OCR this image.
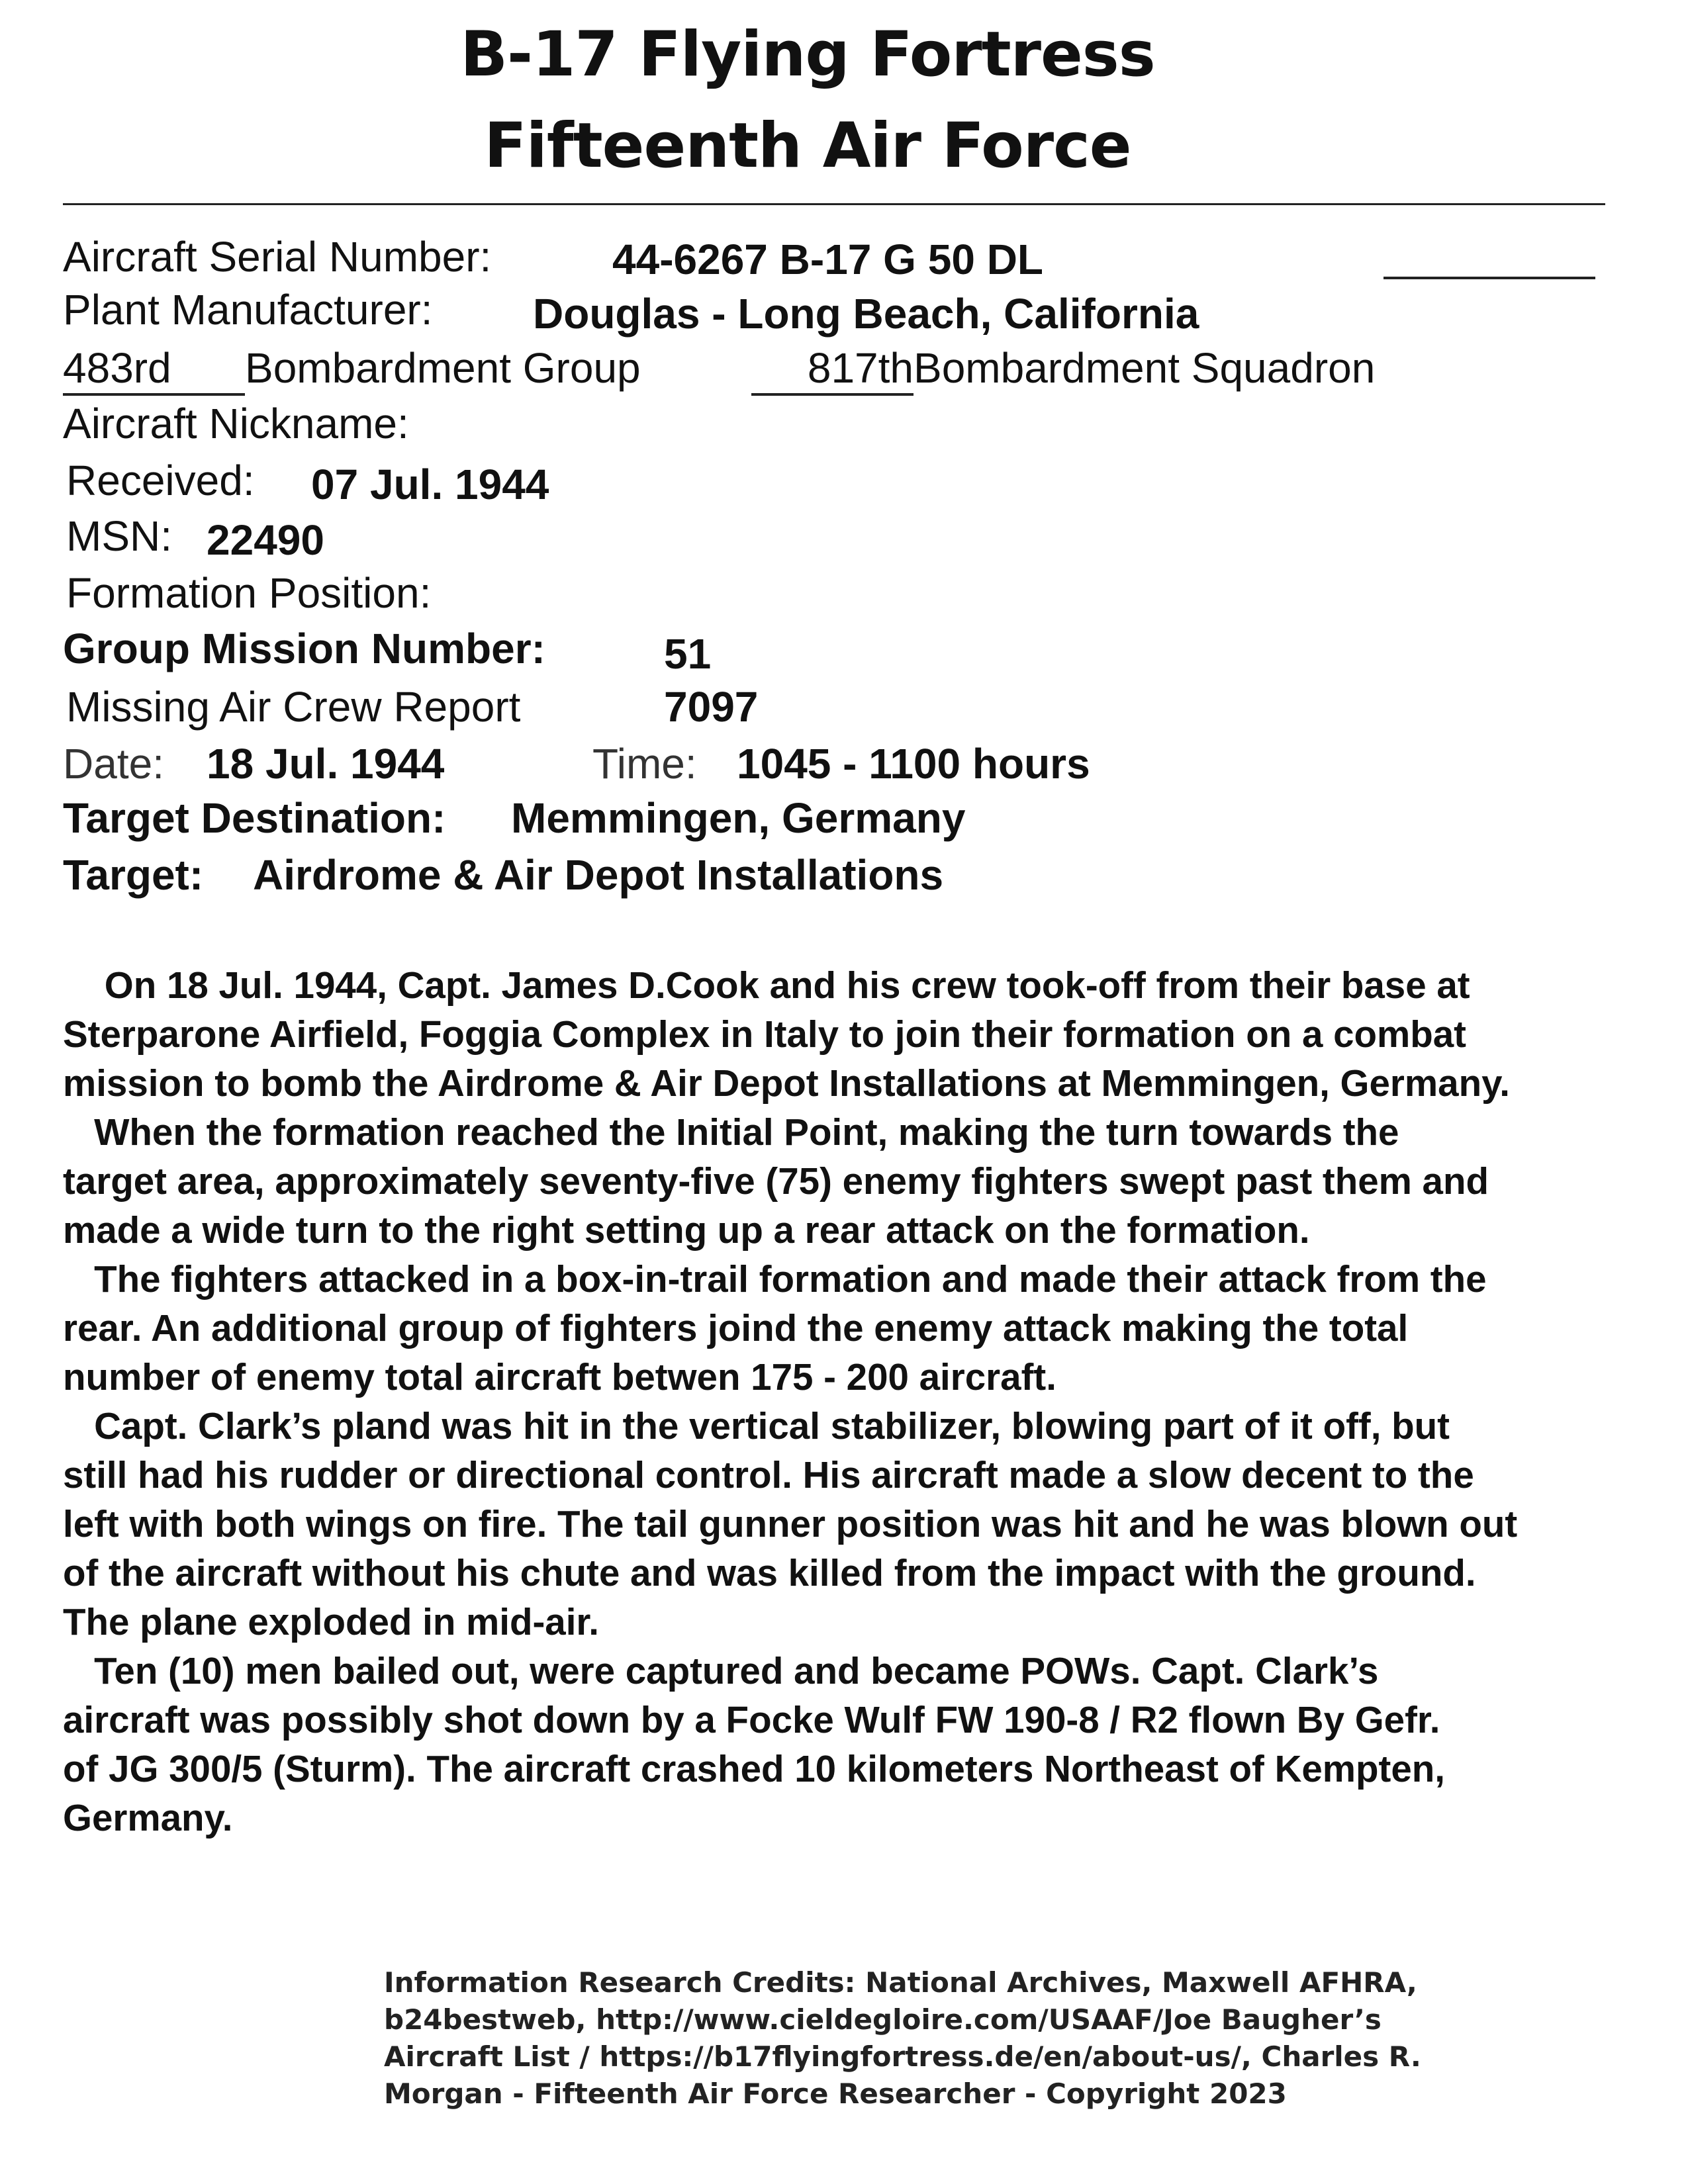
B-17 Flying Fortress
Fifteenth Air Force
Aircraft Serial Number:	44-6267 B-17 G 50 DL
Plant Manufacturer: Douglas - Long Beach, California
483rd Bombardment Group	817thBombardment Squadron
Aircraft Nickname:
Received: 07 Jul. 1944
MSN: 22490
Formation Position:
Group Mission Number:	51
Missing Air Crew Report	7097
Date: 18 Jul. 1944	Time: 1045 - 1100 hours
Target Destination: Memmingen, Germany
Target: Airdrome & Air Depot Installations

On 18 Jul. 1944, Capt. James D.Cook and his crew took-off from their base at

Sterparone Airfield, Foggia Complex in Italy to join their formation on a combat

mission to bomb the Airdrome & Air Depot Installations at Memmingen, Germany.

When the formation reached the Initial Point, making the turn towards the

target area, approximately seventy-five (75) enemy fighters swept past them and

made a wide turn to the right setting up a rear attack on the formation.

The fighters attacked in a box-in-trail formation and made their attack from the

rear. An additional group of fighters joind the enemy attack making the total

number of enemy total aircraft betwen 175 - 200 aircraft.

Capt. Clark’s pland was hit in the vertical stabilizer, blowing part of it off, but

still had his rudder or directional control. His aircraft made a slow decent to the

left with both wings on fire. The tail gunner position was hit and he was blown out

of the aircraft without his chute and was killed from the impact with the ground.

The plane exploded in mid-air.

Ten (10) men bailed out, were captured and became POWs. Capt. Clark’s

aircraft was possibly shot down by a Focke Wulf FW 190-8 / R2 flown By Gefr.

of JG 300/5 (Sturm). The aircraft crashed 10 kilometers Northeast of Kempten,

Germany.

Information Research Credits: National Archives, Maxwell AFHRA,
b24bestweb, http://www.cieldegloire.com/USAAF/Joe Baugher’s
Aircraft List / https://b17flyingfortress.de/en/about-us/, Charles R.
Morgan - Fifteenth Air Force Researcher - Copyright 2023
